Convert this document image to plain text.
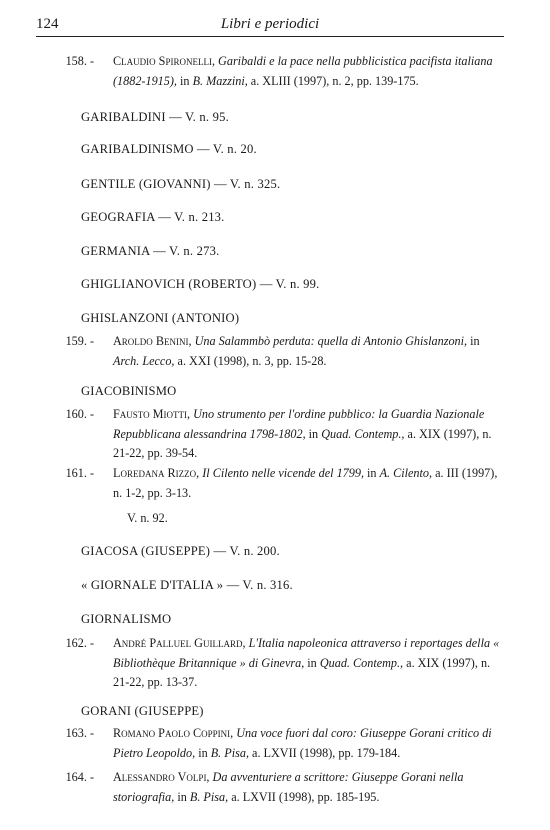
124	Libri e periodici
158. - Claudio Spironelli, Garibaldi e la pace nella pubblicistica pacifista italiana (1882-1915), in B. Mazzini, a. XLIII (1997), n. 2, pp. 139-175.
GARIBALDINI — V. n. 95.
GARIBALDINISMO — V. n. 20.
GENTILE (GIOVANNI) — V. n. 325.
GEOGRAFIA — V. n. 213.
GERMANIA — V. n. 273.
GHIGLIANOVICH (ROBERTO) — V. n. 99.
GHISLANZONI (ANTONIO)
159. - Aroldo Benini, Una Salammbò perduta: quella di Antonio Ghislanzoni, in Arch. Lecco, a. XXI (1998), n. 3, pp. 15-28.
GIACOBINISMO
160. - Fausto Miotti, Uno strumento per l'ordine pubblico: la Guardia Nazionale Repubblicana alessandrina 1798-1802, in Quad. Contemp., a. XIX (1997), n. 21-22, pp. 39-54.
161. - Loredana Rizzo, Il Cilento nelle vicende del 1799, in A. Cilento, a. III (1997), n. 1-2, pp. 3-13.
V. n. 92.
GIACOSA (GIUSEPPE) — V. n. 200.
« GIORNALE D'ITALIA » — V. n. 316.
GIORNALISMO
162. - André Palluel Guillard, L'Italia napoleonica attraverso i reportages della « Bibliothèque Britannique » di Ginevra, in Quad. Contemp., a. XIX (1997), n. 21-22, pp. 13-37.
GORANI (GIUSEPPE)
163. - Romano Paolo Coppini, Una voce fuori dal coro: Giuseppe Gorani critico di Pietro Leopoldo, in B. Pisa, a. LXVII (1998), pp. 179-184.
164. - Alessandro Volpi, Da avventuriere a scrittore: Giuseppe Gorani nella storiografia, in B. Pisa, a. LXVII (1998), pp. 185-195.
